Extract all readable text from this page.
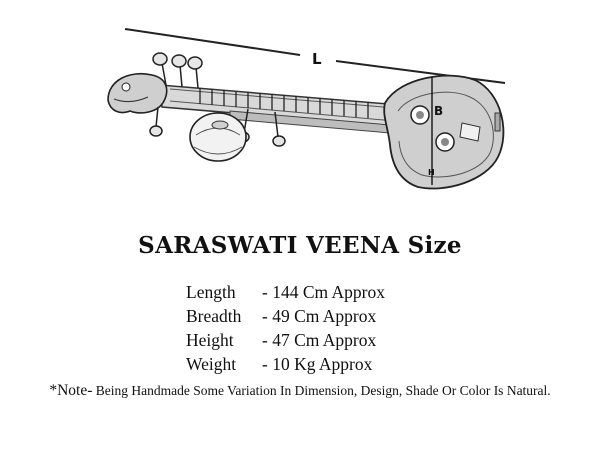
L
B
H
SARASWATI VEENA Size
Length - 144 Cm Approx
Breadth - 49 Cm Approx
Height - 47 Cm Approx
Weight - 10 Kg Approx
*Note- Being Handmade Some Variation In Dimension, Design, Shade Or Color Is Natural.
